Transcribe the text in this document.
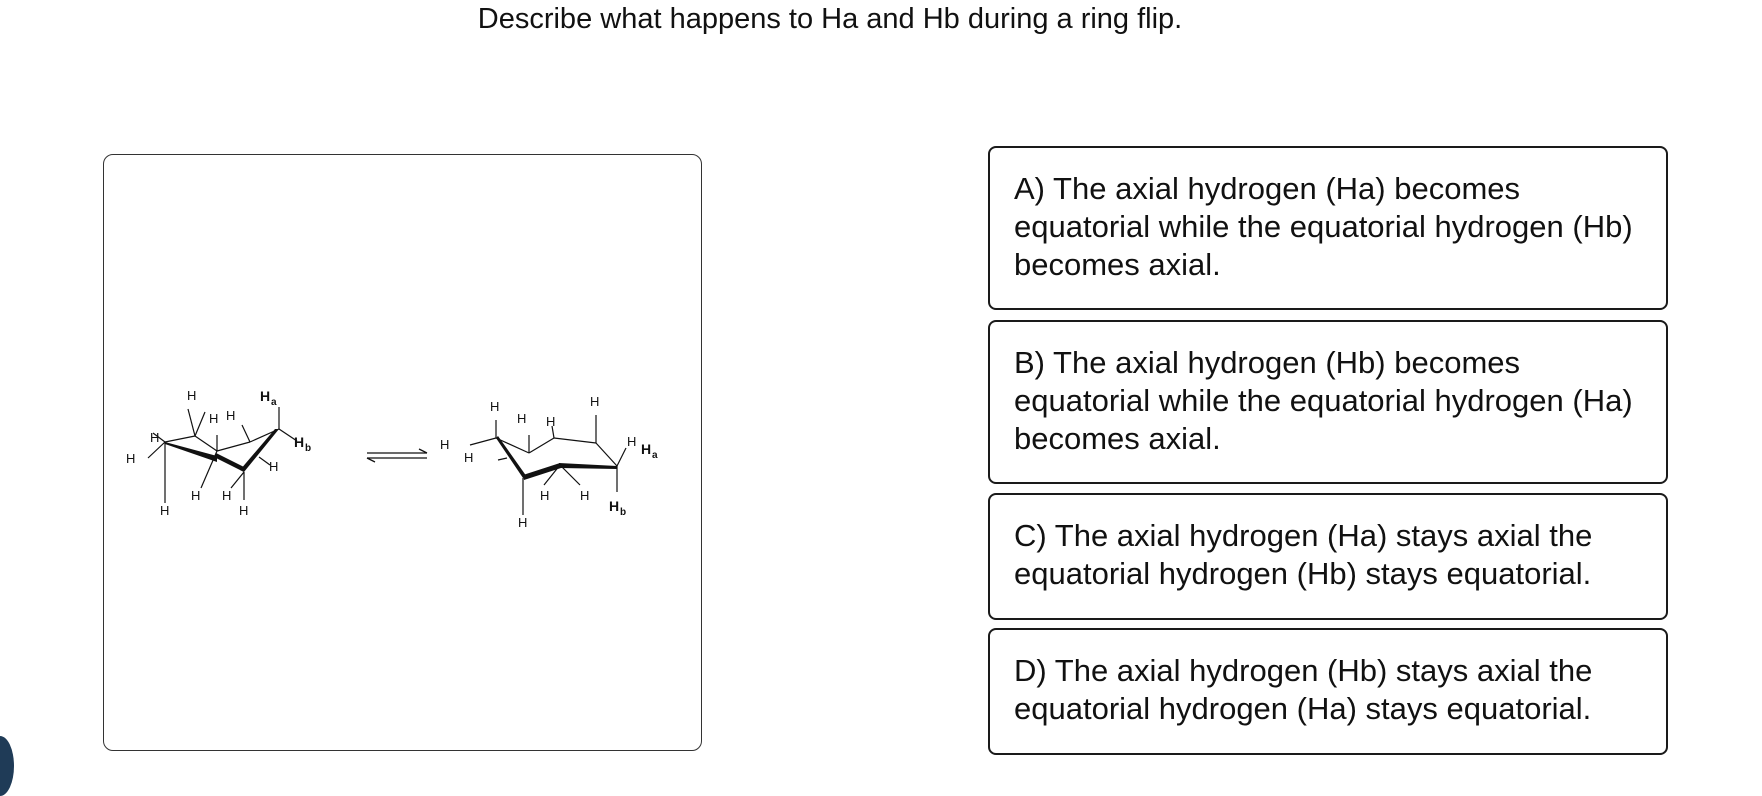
Describe what happens to Ha and Hb during a ring flip.
H
H
H
H
H H
H H
H
H
H a
H b	H
H
H
H
H
H
H
H
H
H H a
H b
A) The axial hydrogen (Ha) becomes equatorial while the equatorial hydrogen (Hb) becomes axial.
B) The axial hydrogen (Hb) becomes equatorial while the equatorial hydrogen (Ha) becomes axial.
C) The axial hydrogen (Ha) stays axial the equatorial hydrogen (Hb) stays equatorial.
D) The axial hydrogen (Hb) stays axial the equatorial hydrogen (Ha) stays equatorial.
